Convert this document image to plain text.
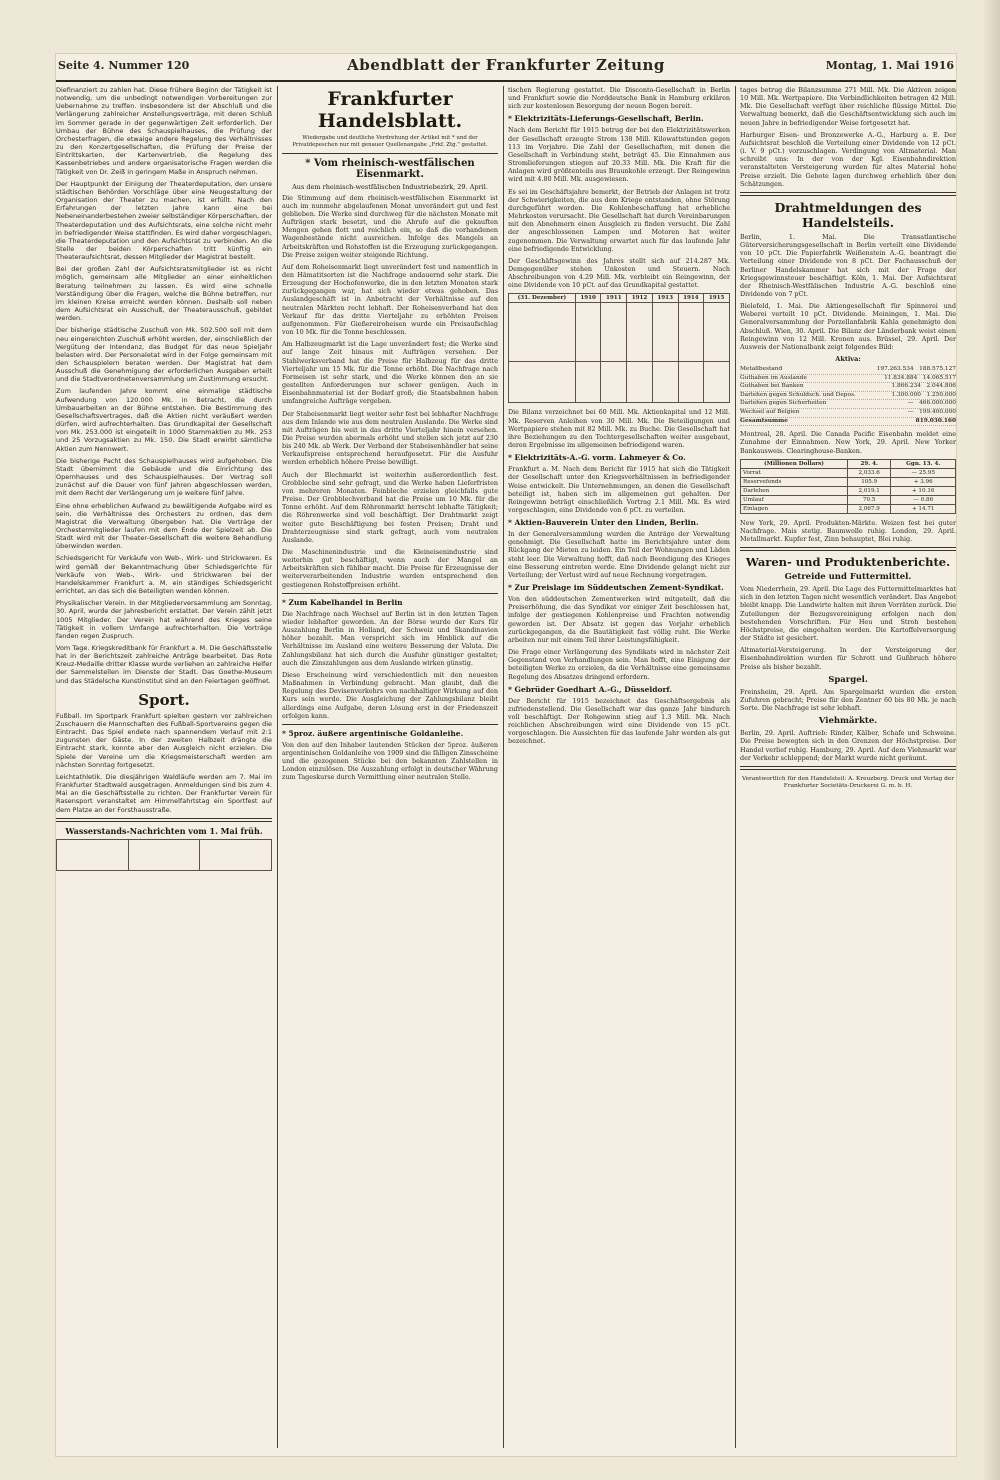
Seite 4. Nummer 120	Abendblatt der Frankfurter Zeitung	Montag, 1. Mai 1916

Diefinanziert zu zahlen hat. Diese frühere Beginn der Tätigkeit ist notwendig, um die unbedingt notwendigen Vorbereitungen zur Uebernahme zu treffen. Insbesondere ist der Abschluß und die Verlängerung zahlreicher Anstellungsverträge, mit deren Schluß im Sommer gerade in der gegenwärtigen Zeit erforderlich. Der Umbau der Bühne des Schauspielhauses, die Prüfung der Orchesterfragen, die etwaige andere Regelung des Verhältnisses zu den Konzertgesellschaften, die Prüfung der Preise der Eintrittskarten, der Kartenvertrieb, die Regelung des Kassenbetriebes und andere organisatorische Fragen werden die Tätigkeit von Dr. Zeiß in geringem Maße in Anspruch nehmen.

Der Hauptpunkt der Einigung der Theaterdeputation, den unsere städtischen Behörden Vorschläge über eine Neugestaltung der Organisation der Theater zu machen, ist erfüllt. Nach den Erfahrungen der letzten Jahre kann eine bei Nebeneinanderbestehen zweier selbständiger Körperschaften, der Theaterdeputation und des Aufsichtsrats, eine solche nicht mehr in befriedigender Weise stattfinden. Es wird daher vorgeschlagen, die Theaterdeputation und den Aufsichtsrat zu verbinden. An die Stelle der beiden Körperschaften tritt künftig ein Theateraufsichtsrat, dessen Mitglieder der Magistrat bestellt.

Bei der großen Zahl der Aufsichtsratsmitglieder ist es nicht möglich, gemeinsam alle Mitglieder an einer einheitlichen Beratung teilnehmen zu lassen. Es wird eine schnelle Verständigung über die Fragen, welche die Bühne betreffen, nur im kleinen Kreise erreicht werden können. Deshalb soll neben dem Aufsichtsrat ein Ausschuß, der Theaterausschuß, gebildet werden.

Der bisherige städtische Zuschuß von Mk. 502.500 soll mit dem neu eingereichten Zuschuß erhöht werden, der, einschließlich der Vergütung der Intendanz, das Budget für das neue Spieljahr belasten wird. Der Personaletat wird in der Folge gemeinsam mit den Schauspielern beraten werden. Der Magistrat hat dem Ausschuß die Genehmigung der erforderlichen Ausgaben erteilt und die Stadtverordnetenversammlung um Zustimmung ersucht.

Zum laufenden Jahre kommt eine einmalige städtische Aufwendung von 120.000 Mk. in Betracht, die durch Umbauarbeiten an der Bühne entstehen. Die Bestimmung des Gesellschaftsvertrages, daß die Aktien nicht veräußert werden dürfen, wird aufrechterhalten. Das Grundkapital der Gesellschaft von Mk. 253.000 ist eingeteilt in 1000 Stammaktien zu Mk. 253 und 25 Vorzugsaktien zu Mk. 150. Die Stadt erwirbt sämtliche Aktien zum Nennwert.

Die bisherige Pacht des Schauspielhauses wird aufgehoben. Die Stadt übernimmt die Gebäude und die Einrichtung des Opernhauses und des Schauspielhauses. Der Vertrag soll zunächst auf die Dauer von fünf Jahren abgeschlossen werden, mit dem Recht der Verlängerung um je weitere fünf Jahre.

Eine ohne erheblichen Aufwand zu bewältigende Aufgabe wird es sein, die Verhältnisse des Orchesters zu ordnen, das dem Magistrat die Verwaltung übergeben hat. Die Verträge der Orchestermitglieder laufen mit dem Ende der Spielzeit ab. Die Stadt wird mit der Theater-Gesellschaft die weitere Behandlung überwinden werden.

Schiedsgericht für Verkäufe von Web-, Wirk- und Strickwaren. Es wird gemäß der Bekanntmachung über Schiedsgerichte für Verkäufe von Web-, Wirk- und Strickwaren bei der Handelskammer Frankfurt a. M. ein ständiges Schiedsgericht errichtet, an das sich die Beteiligten wenden können.

Physikalischer Verein. In der Mitgliederversammlung am Sonntag, 30. April, wurde der Jahresbericht erstattet. Der Verein zählt jetzt 1005 Mitglieder. Der Verein hat während des Krieges seine Tätigkeit in vollem Umfange aufrechterhalten. Die Vorträge fanden regen Zuspruch.

Vom Tage. Kriegskreditbank für Frankfurt a. M. Die Geschäftsstelle hat in der Berichtszeit zahlreiche Anträge bearbeitet. Das Rote Kreuz-Medaille dritter Klasse wurde verliehen an zahlreiche Helfer der Sammelstellen im Dienste der Stadt. Das Goethe-Museum und das Städelsche Kunstinstitut sind an den Feiertagen geöffnet.

Sport.

Fußball. Im Sportpark Frankfurt spielten gestern vor zahlreichen Zuschauern die Mannschaften des Fußball-Sportvereins gegen die Eintracht. Das Spiel endete nach spannendem Verlauf mit 2:1 zugunsten der Gäste. In der zweiten Halbzeit drängte die Eintracht stark, konnte aber den Ausgleich nicht erzielen. Die Spiele der Vereine um die Kriegsmeisterschaft werden am nächsten Sonntag fortgesetzt.

Leichtathletik. Die diesjährigen Waldläufe werden am 7. Mai im Frankfurter Stadtwald ausgetragen. Anmeldungen sind bis zum 4. Mai an die Geschäftsstelle zu richten. Der Frankfurter Verein für Rasensport veranstaltet am Himmelfahrtstag ein Sportfest auf dem Platze an der Forsthausstraße.

Wasserstands-Nachrichten vom 1. Mai früh.

Frankfurter Handelsblatt.

Wiedergabe und deutliche Verdrehung der Artikel mit * und der Privatdepeschen nur mit genauer Quellenangabe „Frkf. Ztg." gestattet.

* Vom rheinisch-westfälischen Eisenmarkt.
Aus dem rheinisch-westfälischen Industriebezirk, 29. April.

Die Stimmung auf dem rheinisch-westfälischen Eisenmarkt ist auch im nunmehr abgelaufenen Monat unverändert gut und fest geblieben. Die Werke sind durchweg für die nächsten Monate mit Aufträgen stark besetzt, und die Abrufe auf die gekauften Mengen gehen flott und reichlich ein, so daß die vorhandenen Wagenbestände nicht ausreichen. Infolge des Mangels an Arbeitskräften und Rohstoffen ist die Erzeugung zurückgegangen. Die Preise zeigen weiter steigende Richtung.

Auf dem Roheisenmarkt liegt unverändert fest und namentlich in den Hämatitsorten ist die Nachfrage andauernd sehr stark. Die Erzeugung der Hochofenwerke, die in den letzten Monaten stark zurückgegangen war, hat sich wieder etwas gehoben. Das Auslandgeschäft ist in Anbetracht der Verhältnisse auf den neutralen Märkten recht lebhaft. Der Roheisenverband hat den Verkauf für das dritte Vierteljahr zu erhöhten Preisen aufgenommen. Für Gießereiroheisen wurde ein Preisaufschlag von 10 Mk. für die Tonne beschlossen.

Am Halbzeugmarkt ist die Lage unverändert fest; die Werke sind auf lange Zeit hinaus mit Aufträgen versehen. Der Stahlwerksverband hat die Preise für Halbzeug für das dritte Vierteljahr um 15 Mk. für die Tonne erhöht. Die Nachfrage nach Formeisen ist sehr stark, und die Werke können den an sie gestellten Anforderungen nur schwer genügen. Auch in Eisenbahnmaterial ist der Bedarf groß; die Staatsbahnen haben umfangreiche Aufträge vergeben.

Der Stabeisenmarkt liegt weiter sehr fest bei lebhafter Nachfrage aus dem Inlande wie aus dem neutralen Auslande. Die Werke sind mit Aufträgen bis weit in das dritte Vierteljahr hinein versehen. Die Preise wurden abermals erhöht und stellen sich jetzt auf 230 bis 240 Mk. ab Werk. Der Verband der Stabeisenhändler hat seine Verkaufspreise entsprechend heraufgesetzt. Für die Ausfuhr werden erheblich höhere Preise bewilligt.

Auch der Blechmarkt ist weiterhin außerordentlich fest. Grobbleche sind sehr gefragt, und die Werke haben Lieferfristen von mehreren Monaten. Feinbleche erzielen gleichfalls gute Preise. Der Grobblechverband hat die Preise um 10 Mk. für die Tonne erhöht. Auf dem Röhrenmarkt herrscht lebhafte Tätigkeit; die Röhrenwerke sind voll beschäftigt. Der Drahtmarkt zeigt weiter gute Beschäftigung bei festen Preisen; Draht und Drahterzeugnisse sind stark gefragt, auch vom neutralen Auslande.

Die Maschinenindustrie und die Kleineisenindustrie sind weiterhin gut beschäftigt, wenn auch der Mangel an Arbeitskräften sich fühlbar macht. Die Preise für Erzeugnisse der weiterverarbeitenden Industrie wurden entsprechend den gestiegenen Rohstoffpreisen erhöht.

* Zum Kabelhandel in Berlin

Die Nachfrage nach Wechsel auf Berlin ist in den letzten Tagen wieder lebhafter geworden. An der Börse wurde der Kurs für Auszahlung Berlin in Holland, der Schweiz und Skandinavien höher bezahlt. Man verspricht sich im Hinblick auf die Verhältnisse im Ausland eine weitere Besserung der Valuta. Die Zahlungsbilanz hat sich durch die Ausfuhr günstiger gestaltet; auch die Zinszahlungen aus dem Auslande wirken günstig.

Diese Erscheinung wird verschiedentlich mit den neuesten Maßnahmen in Verbindung gebracht. Man glaubt, daß die Regelung des Devisenverkehrs von nachhaltiger Wirkung auf den Kurs sein werde. Die Ausgleichung der Zahlungsbilanz bleibt allerdings eine Aufgabe, deren Lösung erst in der Friedenszeit erfolgen kann.

* 5proz. äußere argentinische Goldanleihe.

Von den auf den Inhaber lautenden Stücken der 5proz. äußeren argentinischen Goldanleihe von 1909 sind die fälligen Zinsscheine und die gezogenen Stücke bei den bekannten Zahlstellen in London einzulösen. Die Auszahlung erfolgt in deutscher Währung zum Tageskurse durch Vermittlung einer neutralen Stelle.

tischen Regierung gestattet. Die Disconto-Gesellschaft in Berlin und Frankfurt sowie die Norddeutsche Bank in Hamburg erklären sich zur kostenlosen Besorgung der neuen Bogen bereit.

* Elektrizitäts-Lieferungs-Gesellschaft, Berlin.

Nach dem Bericht für 1915 betrug der bei den Elektrizitätswerken der Gesellschaft erzeugte Strom 138 Mill. Kilowattstunden gegen 113 im Vorjahre. Die Zahl der Gesellschaften, mit denen die Gesellschaft in Verbindung steht, beträgt 45. Die Einnahmen aus Stromlieferungen stiegen auf 20.33 Mill. Mk. Die Kraft für die Anlagen wird größtenteils aus Braunkohle erzeugt. Der Reingewinn wird mit 4.80 Mill. Mk. ausgewiesen.

Es sei im Geschäftsjahre bemerkt, der Betrieb der Anlagen ist trotz der Schwierigkeiten, die aus dem Kriege entstanden, ohne Störung durchgeführt worden. Die Kohlenbeschaffung hat erhebliche Mehrkosten verursacht. Die Gesellschaft hat durch Vereinbarungen mit den Abnehmern einen Ausgleich zu finden versucht. Die Zahl der angeschlossenen Lampen und Motoren hat weiter zugenommen. Die Verwaltung erwartet auch für das laufende Jahr eine befriedigende Entwicklung.

Der Geschäftsgewinn des Jahres stellt sich auf 214.287 Mk. Demgegenüber stehen Unkosten und Steuern. Nach Abschreibungen von 4.29 Mill. Mk. verbleibt ein Reingewinn, der eine Dividende von 10 pCt. auf das Grundkapital gestattet.

(31. Dezember)	1910	1911	1912	1913	1914	1915

Die Bilanz verzeichnet bei 60 Mill. Mk. Aktienkapital und 12 Mill. Mk. Reserven Anleihen von 30 Mill. Mk. Die Beteiligungen und Wertpapiere stehen mit 82 Mill. Mk. zu Buche. Die Gesellschaft hat ihre Beziehungen zu den Tochtergesellschaften weiter ausgebaut, deren Ergebnisse im allgemeinen befriedigend waren.

* Elektrizitäts-A.-G. vorm. Lahmeyer & Co.

Frankfurt a. M. Nach dem Bericht für 1915 hat sich die Tätigkeit der Gesellschaft unter den Kriegsverhältnissen in befriedigender Weise entwickelt. Die Unternehmungen, an denen die Gesellschaft beteiligt ist, haben sich im allgemeinen gut gehalten. Der Reingewinn beträgt einschließlich Vortrag 2.1 Mill. Mk. Es wird vorgeschlagen, eine Dividende von 6 pCt. zu verteilen.

* Aktien-Bauverein Unter den Linden, Berlin.

In der Generalversammlung wurden die Anträge der Verwaltung genehmigt. Die Gesellschaft hatte im Berichtsjahre unter dem Rückgang der Mieten zu leiden. Ein Teil der Wohnungen und Läden steht leer. Die Verwaltung hofft, daß nach Beendigung des Krieges eine Besserung eintreten werde. Eine Dividende gelangt nicht zur Verteilung; der Verlust wird auf neue Rechnung vorgetragen.

* Zur Preislage im Süddeutschen Zement-Syndikat.

Von den süddeutschen Zementwerken wird mitgeteilt, daß die Preiserhöhung, die das Syndikat vor einiger Zeit beschlossen hat, infolge der gestiegenen Kohlenpreise und Frachten notwendig geworden ist. Der Absatz ist gegen das Vorjahr erheblich zurückgegangen, da die Bautätigkeit fast völlig ruht. Die Werke arbeiten nur mit einem Teil ihrer Leistungsfähigkeit.

Die Frage einer Verlängerung des Syndikats wird in nächster Zeit Gegenstand von Verhandlungen sein. Man hofft, eine Einigung der beteiligten Werke zu erzielen, da die Verhältnisse eine gemeinsame Regelung des Absatzes dringend erfordern.

* Gebrüder Goedhart A.-G., Düsseldorf.

Der Bericht für 1915 bezeichnet das Geschäftsergebnis als zufriedenstellend. Die Gesellschaft war das ganze Jahr hindurch voll beschäftigt. Der Rohgewinn stieg auf 1.3 Mill. Mk. Nach reichlichen Abschreibungen wird eine Dividende von 15 pCt. vorgeschlagen. Die Aussichten für das laufende Jahr werden als gut bezeichnet.

tages betrug die Bilanzsumme 271 Mill. Mk. Die Aktiven zeigen 10 Mill. Mk. Wertpapiere. Die Verbindlichkeiten betragen 42 Mill. Mk. Die Gesellschaft verfügt über reichliche flüssige Mittel. Die Verwaltung bemerkt, daß die Geschäftsentwicklung sich auch im neuen Jahre in befriedigender Weise fortgesetzt hat.

Harburger Eisen- und Bronzewerke A.-G., Harburg a. E. Der Aufsichtsrat beschloß die Verteilung einer Dividende von 12 pCt. (i. V. 9 pCt.) vorzuschlagen. Verdingung von Altmaterial. Man schreibt uns: In der von der Kgl. Eisenbahndirektion veranstalteten Versteigerung wurden für altes Material hohe Preise erzielt. Die Gebote lagen durchweg erheblich über den Schätzungen.

Drahtmeldungen des Handelsteils.

Berlin, 1. Mai. Die Transatlantische Güterversicherungsgesellschaft in Berlin verteilt eine Dividende von 10 pCt. Die Papierfabrik Weißenstein A.-G. beantragt die Verteilung einer Dividende von 8 pCt. Der Fachausschuß der Berliner Handelskammer hat sich mit der Frage der Kriegsgewinnsteuer beschäftigt. Köln, 1. Mai. Der Aufsichtsrat der Rheinisch-Westfälischen Industrie A.-G. beschloß eine Dividende von 7 pCt.

Bielefeld, 1. Mai. Die Aktiengesellschaft für Spinnerei und Weberei verteilt 10 pCt. Dividende. Meiningen, 1. Mai. Die Generalversammlung der Porzellanfabrik Kahla genehmigte den Abschluß. Wien, 30. April. Die Bilanz der Länderbank weist einen Reingewinn von 12 Mill. Kronen aus. Brüssel, 29. April. Der Ausweis der Nationalbank zeigt folgendes Bild:

Aktiva:
Metallbestand	197.263.534 188.575.127
Guthaben im Auslande	11.834.884 14.065.517
Guthaben bei Banken	1.866.234 2.044.806
Darlehen gegen Schuldsch. und Depos.	1.300.000 1.250.000
Darlehen gegen Sicherheiten	— 466.000.000
Wechsel auf Belgien	— 199.400.000
Gesamtsumme	819.030.160

Montreal, 28. April. Die Canada Pacific Eisenbahn meldet eine Zunahme der Einnahmen. New York, 29. April. New Yorker Bankausweis. Clearinghouse-Banken.

(Millionen Dollars)	29. 4.	Ggn. 13. 4.
Vorrat	2,033.6	— 25.95
Reservefonds	105.9	+ 3.96
Darlehen	2,019.1	+ 10.16
Umlauf	70.5	— 0.86
Einlagen	2,067.9	+ 14.71

New York, 29. April. Produkten-Märkte. Weizen fest bei guter Nachfrage. Mais stetig. Baumwolle ruhig. London, 29. April. Metallmarkt. Kupfer fest, Zinn behauptet, Blei ruhig.

Waren- und Produktenberichte.
Getreide und Futtermittel.

Vom Niederrhein, 29. April. Die Lage des Futtermittelmarktes hat sich in den letzten Tagen nicht wesentlich verändert. Das Angebot bleibt knapp. Die Landwirte halten mit ihren Vorräten zurück. Die Zuteilungen der Bezugsvereinigung erfolgen nach den bestehenden Vorschriften. Für Heu und Stroh bestehen Höchstpreise, die eingehalten werden. Die Kartoffelversorgung der Städte ist gesichert.

Altmaterial-Versteigerung. In der Versteigerung der Eisenbahndirektion wurden für Schrott und Gußbruch höhere Preise als bisher bezahlt.

Spargel.

Freinsheim, 29. April. Am Spargelmarkt wurden die ersten Zufuhren gebracht; Preise für den Zentner 60 bis 80 Mk. je nach Sorte. Die Nachfrage ist sehr lebhaft.

Viehmärkte.

Berlin, 29. April. Auftrieb: Rinder, Kälber, Schafe und Schweine. Die Preise bewegten sich in den Grenzen der Höchstpreise. Der Handel verlief ruhig. Hamburg, 29. April. Auf dem Viehmarkt war der Verkehr schleppend; der Markt wurde nicht geräumt.

Verantwortlich für den Handelsteil: A. Kreuzberg. Druck und Verlag der Frankfurter Societäts-Druckerei G. m. b. H.
